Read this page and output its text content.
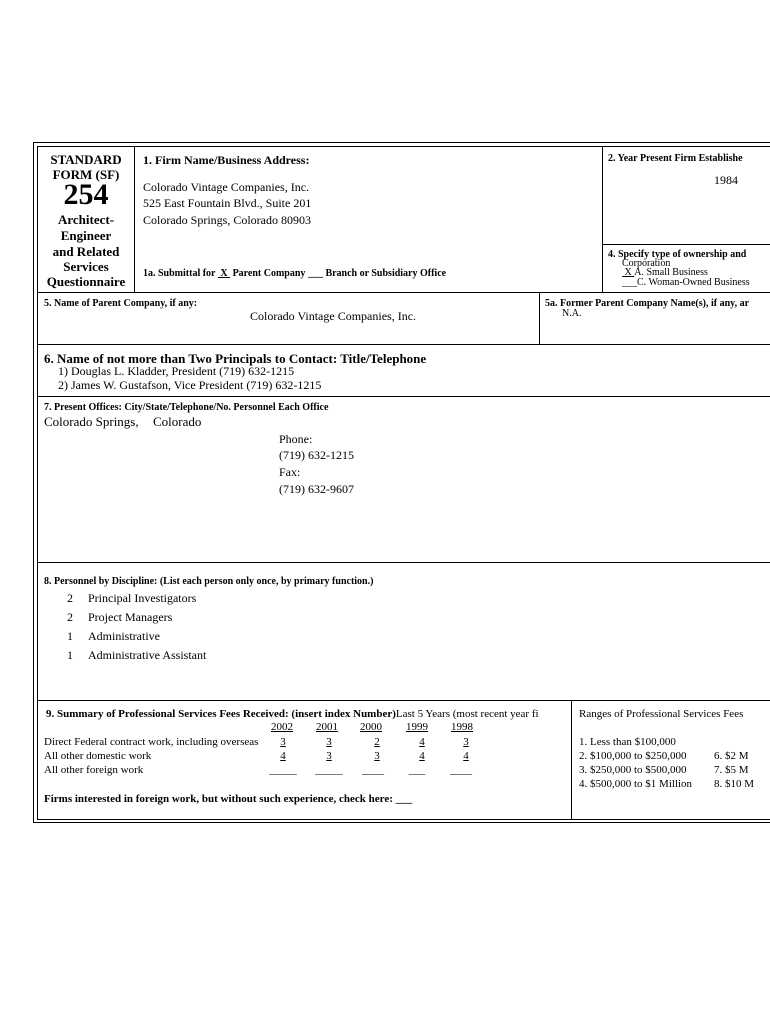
STANDARD
FORM (SF)
254
Architect-
Engineer
and Related
Services
Questionnaire
1. Firm Name/Business Address:
Colorado Vintage Companies, Inc.
525 East Fountain Blvd., Suite 201
Colorado Springs, Colorado 80903
1a. Submittal for X Parent Company ___ Branch or Subsidiary Office
2. Year Present Firm Establishe
1984
4. Specify type of ownership and
Corporation
X A. Small Business
___C. Woman-Owned Business
5. Name of Parent Company, if any:
Colorado Vintage Companies, Inc.
5a. Former Parent Company Name(s), if any, ar
N.A.
6. Name of not more than Two Principals to Contact: Title/Telephone
1) Douglas L. Kladder, President (719) 632-1215
2) James W. Gustafson, Vice President (719) 632-1215
7. Present Offices: City/State/Telephone/No. Personnel Each Office
Colorado Springs, Colorado
Phone:
(719) 632-1215
Fax:
(719) 632-9607
8. Personnel by Discipline: (List each person only once, by primary function.)
2 Principal Investigators
2 Project Managers
1 Administrative
1 Administrative Assistant
9. Summary of Professional Services Fees Received: (insert index Number)Last 5 Years (most recent year fi
2002	2001	2000	1999	1998
Direct Federal contract work, including overseas	3	3	2	4	3
All other domestic work	4	3	3	4	4
All other foreign work	_____ _____	____	___	____
Firms interested in foreign work, but without such experience, check here: ___
Ranges of Professional Services Fees
1. Less than $100,000
2. $100,000 to $250,000
3. $250,000 to $500,000
4. $500,000 to $1 Million
6. $2 M
7. $5 M
8. $10 M
